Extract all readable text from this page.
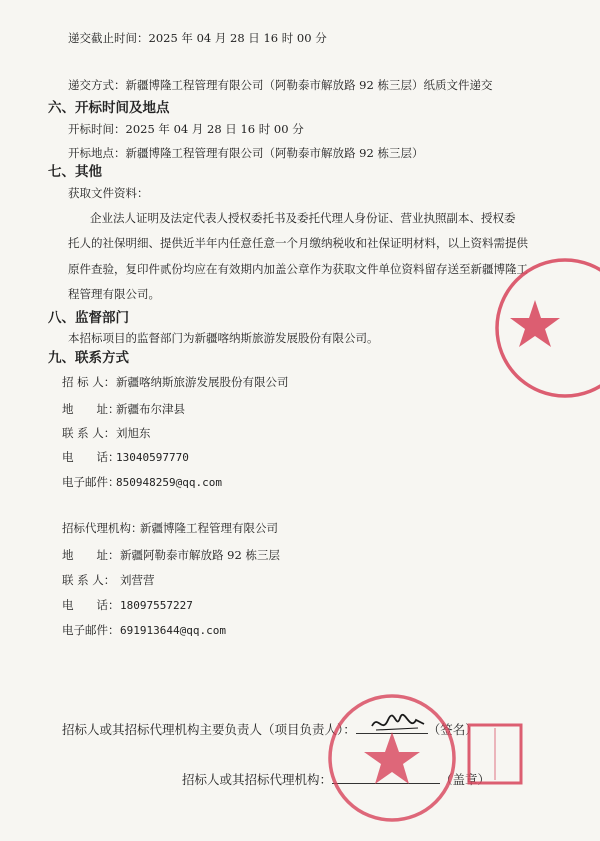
递交截止时间：2025 年 04 月 28 日 16 时 00 分
递交方式：新疆博隆工程管理有限公司（阿勒泰市解放路 92 栋三层）纸质文件递交
六、开标时间及地点
开标时间：2025 年 04 月 28 日 16 时 00 分
开标地点：新疆博隆工程管理有限公司（阿勒泰市解放路 92 栋三层）
七、其他
获取文件资料：
企业法人证明及法定代表人授权委托书及委托代理人身份证、营业执照副本、授权委
托人的社保明细、提供近半年内任意任意一个月缴纳税收和社保证明材料，以上资料需提供
原件查验，复印件贰份均应在有效期内加盖公章作为获取文件单位资料留存送至新疆博隆工
程管理有限公司。
八、监督部门
本招标项目的监督部门为新疆喀纳斯旅游发展股份有限公司。
九、联系方式
招 标 人：新疆喀纳斯旅游发展股份有限公司
地　　址：新疆布尔津县
联 系 人：刘旭东
电　　话：13040597770
电子邮件：850948259@qq.com
招标代理机构：新疆博隆工程管理有限公司
地　　址：新疆阿勒泰市解放路 92 栋三层
联 系 人： 刘营营
电　　话：18097557227
电子邮件：691913644@qq.com
招标人或其招标代理机构主要负责人（项目负责人）：	（签名）
招标人或其招标代理机构：	（盖章）
